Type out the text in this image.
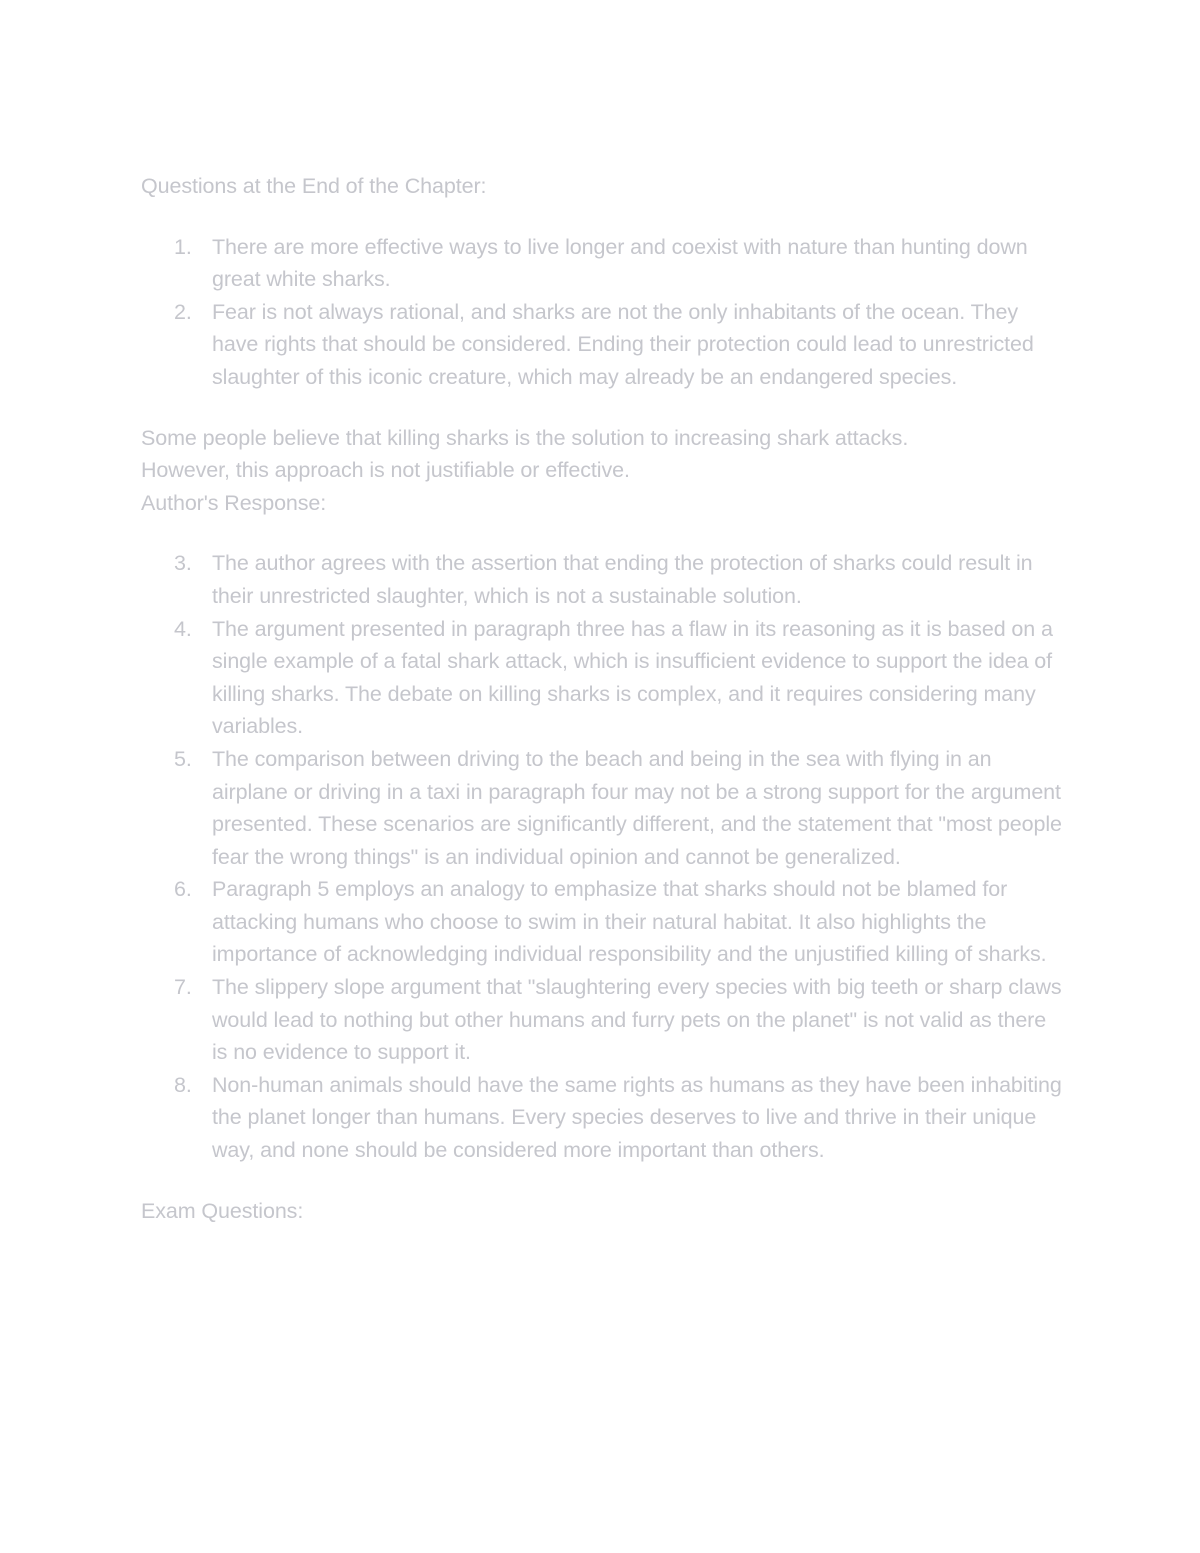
Questions at the End of the Chapter:

1. There are more effective ways to live longer and coexist with nature than hunting down great white sharks.
2. Fear is not always rational, and sharks are not the only inhabitants of the ocean. They have rights that should be considered. Ending their protection could lead to unrestricted slaughter of this iconic creature, which may already be an endangered species.

Some people believe that killing sharks is the solution to increasing shark attacks.

However, this approach is not justifiable or effective.

Author's Response:

3. The author agrees with the assertion that ending the protection of sharks could result in their unrestricted slaughter, which is not a sustainable solution.
4. The argument presented in paragraph three has a flaw in its reasoning as it is based on a single example of a fatal shark attack, which is insufficient evidence to support the idea of killing sharks. The debate on killing sharks is complex, and it requires considering many variables.
5. The comparison between driving to the beach and being in the sea with flying in an airplane or driving in a taxi in paragraph four may not be a strong support for the argument presented. These scenarios are significantly different, and the statement that "most people fear the wrong things" is an individual opinion and cannot be generalized.
6. Paragraph 5 employs an analogy to emphasize that sharks should not be blamed for attacking humans who choose to swim in their natural habitat. It also highlights the importance of acknowledging individual responsibility and the unjustified killing of sharks.
7. The slippery slope argument that "slaughtering every species with big teeth or sharp claws would lead to nothing but other humans and furry pets on the planet" is not valid as there is no evidence to support it.
8. Non-human animals should have the same rights as humans as they have been inhabiting the planet longer than humans. Every species deserves to live and thrive in their unique way, and none should be considered more important than others.

Exam Questions:
